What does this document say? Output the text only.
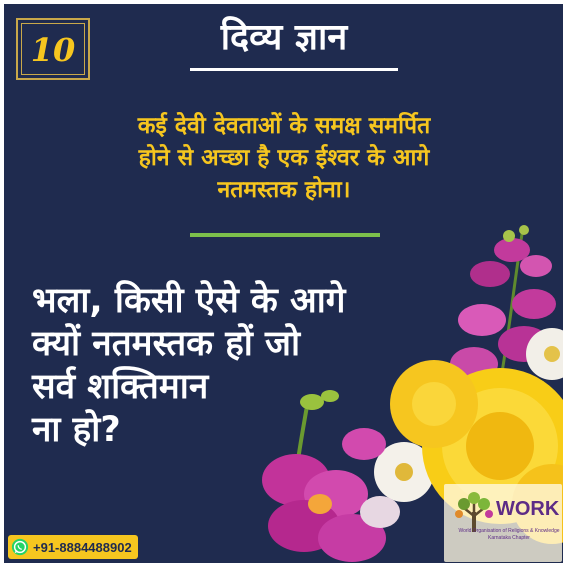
10	दिव्य ज्ञान
कई देवी देवताओं के समक्ष समर्पित
होने से अच्छा है एक ईश्वर के आगे
नतमस्तक होना।
भला, किसी ऐसे के आगे
क्यों नतमस्तक हों जो
सर्व शक्तिमान
ना हो?
+91-8884488902
WORK
World Organisation of Religions & Knowledge
Karnataka Chapter
